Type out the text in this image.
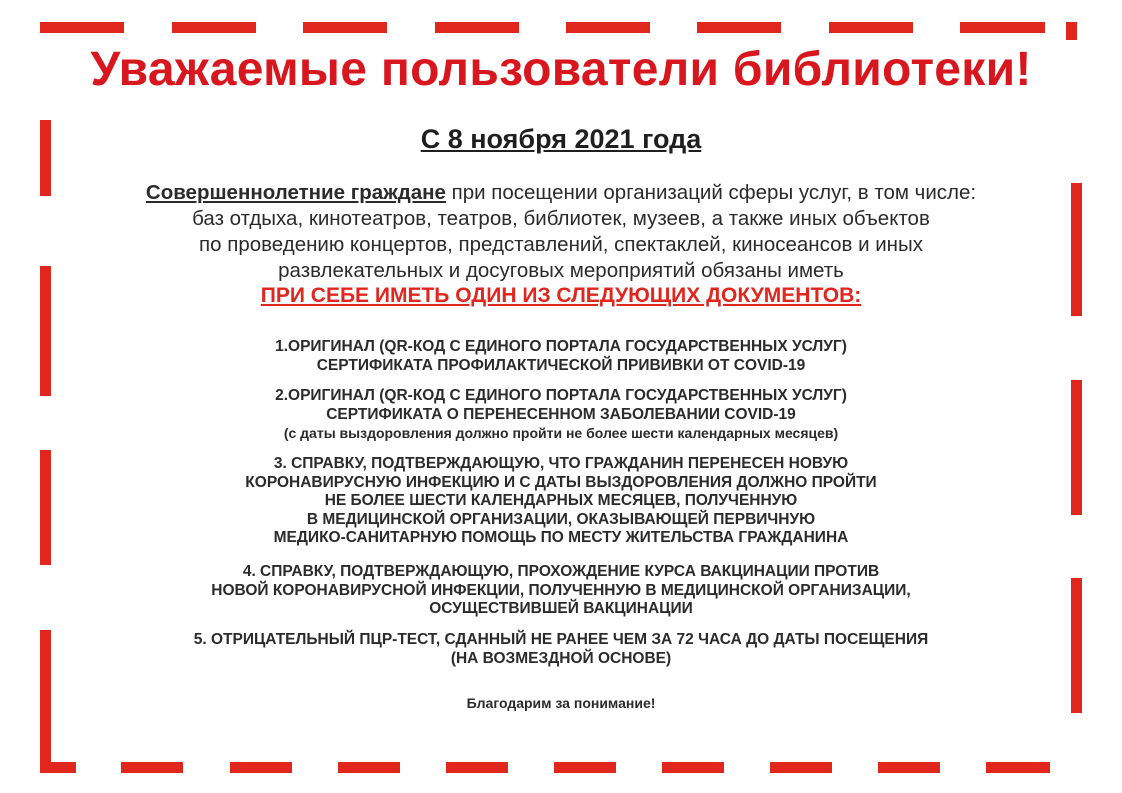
Уважаемые пользователи библиотеки!
С 8 ноября 2021 года

Совершеннолетние граждане при посещении организаций сферы услуг, в том числе:
баз отдыха, кинотеатров, театров, библиотек, музеев, а также иных объектов
по проведению концертов, представлений, спектаклей, киносеансов и иных
развлекательных и досуговых мероприятий обязаны иметь

ПРИ СЕБЕ ИМЕТЬ ОДИН ИЗ СЛЕДУЮЩИХ ДОКУМЕНТОВ:
1.ОРИГИНАЛ (QR-КОД С ЕДИНОГО ПОРТАЛА ГОСУДАРСТВЕННЫХ УСЛУГ)
СЕРТИФИКАТА ПРОФИЛАКТИЧЕСКОЙ ПРИВИВКИ ОТ COVID-19
2.ОРИГИНАЛ (QR-КОД С ЕДИНОГО ПОРТАЛА ГОСУДАРСТВЕННЫХ УСЛУГ)
СЕРТИФИКАТА О ПЕРЕНЕСЕННОМ ЗАБОЛЕВАНИИ COVID-19
(с даты выздоровления должно пройти не более шести календарных месяцев)
3. СПРАВКУ, ПОДТВЕРЖДАЮЩУЮ, ЧТО ГРАЖДАНИН ПЕРЕНЕСЕН НОВУЮ
КОРОНАВИРУСНУЮ ИНФЕКЦИЮ И С ДАТЫ ВЫЗДОРОВЛЕНИЯ ДОЛЖНО ПРОЙТИ
НЕ БОЛЕЕ ШЕСТИ КАЛЕНДАРНЫХ МЕСЯЦЕВ, ПОЛУЧЕННУЮ
В МЕДИЦИНСКОЙ ОРГАНИЗАЦИИ, ОКАЗЫВАЮЩЕЙ ПЕРВИЧНУЮ
МЕДИКО-САНИТАРНУЮ ПОМОЩЬ ПО МЕСТУ ЖИТЕЛЬСТВА ГРАЖДАНИНА
4. СПРАВКУ, ПОДТВЕРЖДАЮЩУЮ, ПРОХОЖДЕНИЕ КУРСА ВАКЦИНАЦИИ ПРОТИВ
НОВОЙ КОРОНАВИРУСНОЙ ИНФЕКЦИИ, ПОЛУЧЕННУЮ В МЕДИЦИНСКОЙ ОРГАНИЗАЦИИ,
ОСУЩЕСТВИВШЕЙ ВАКЦИНАЦИИ
5. ОТРИЦАТЕЛЬНЫЙ ПЦР-ТЕСТ, СДАННЫЙ НЕ РАНЕЕ ЧЕМ ЗА 72 ЧАСА ДО ДАТЫ ПОСЕЩЕНИЯ
(НА ВОЗМЕЗДНОЙ ОСНОВЕ)

Благодарим за понимание!
